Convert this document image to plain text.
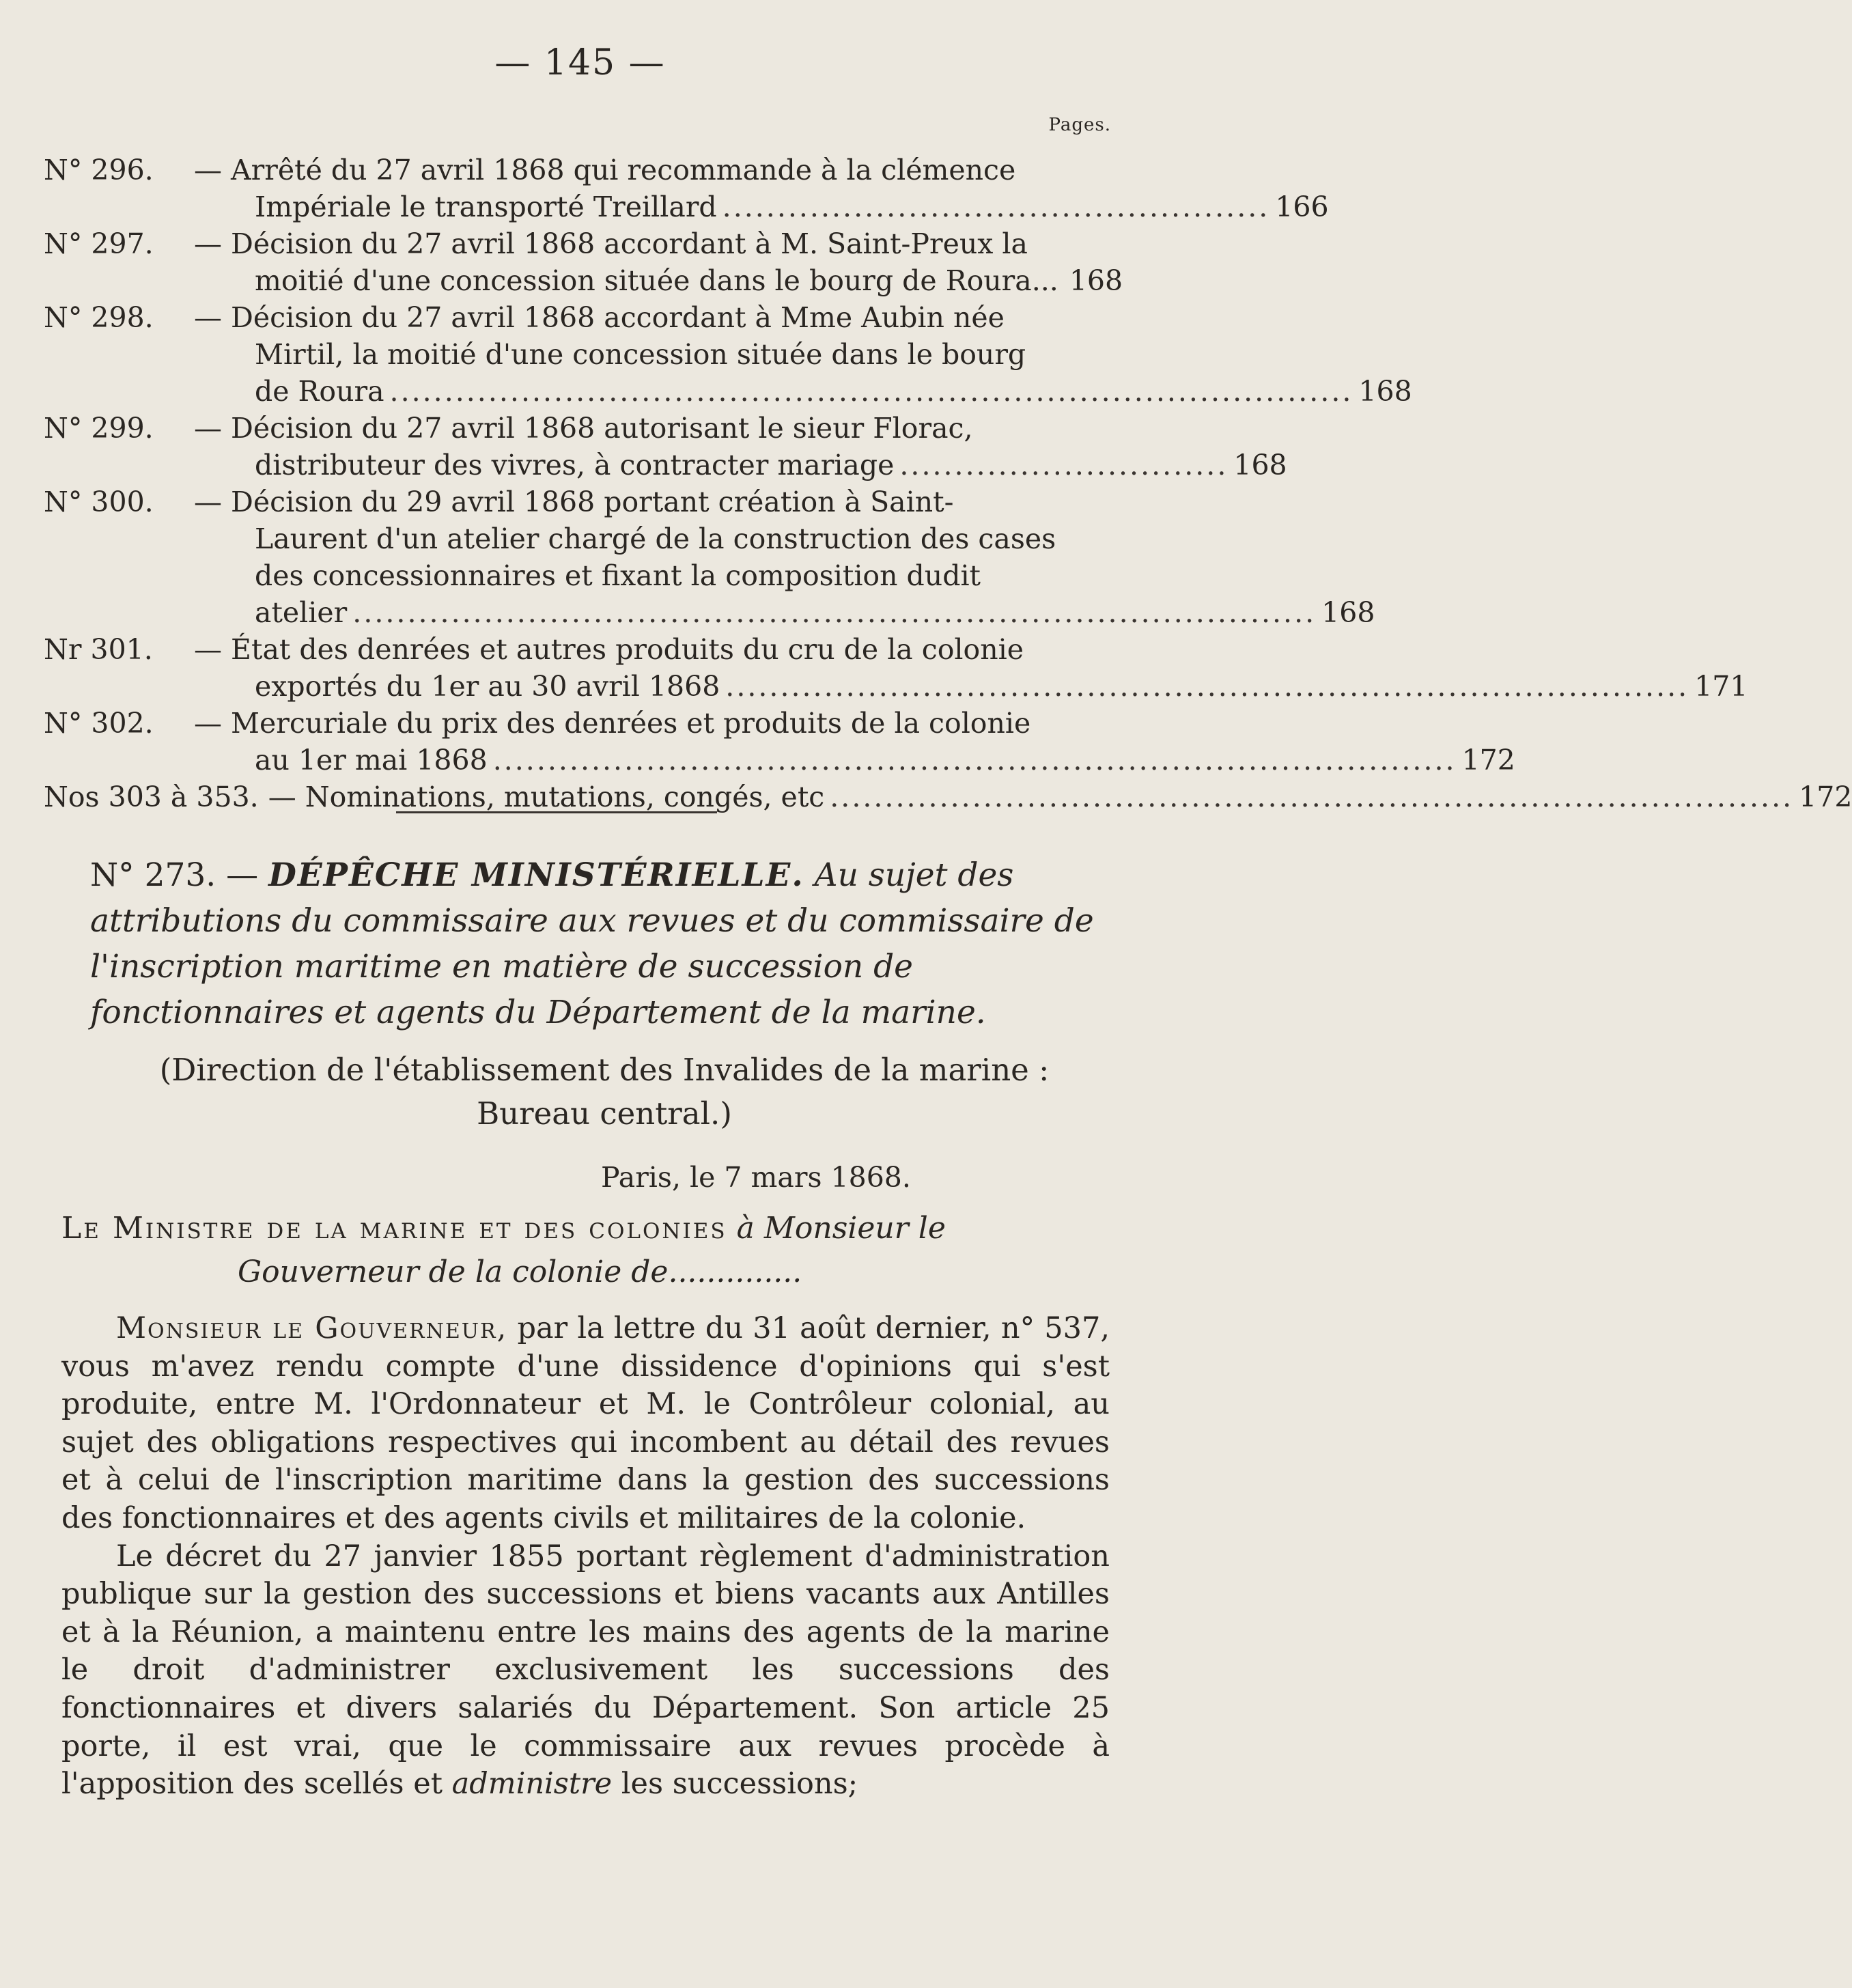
— 145 —
Pages.
N° 296.	— Arrêté du 27 avril 1868 qui recommande à la clémence
Impériale le transporté Treillard .................................................. 166
N° 297.	— Décision du 27 avril 1868 accordant à M. Saint-Preux la
moitié d'une concession située dans le bourg de Roura... 168
N° 298.	— Décision du 27 avril 1868 accordant à Mme Aubin née
Mirtil, la moitié d'une concession située dans le bourg
de Roura ........................................................................................ 168
N° 299.	— Décision du 27 avril 1868 autorisant le sieur Florac,
distributeur des vivres, à contracter mariage .............................. 168
N° 300.	— Décision du 29 avril 1868 portant création à Saint-
Laurent d'un atelier chargé de la construction des cases
des concessionnaires et fixant la composition dudit
atelier ........................................................................................ 168
Nr 301.	— État des denrées et autres produits du cru de la colonie
exportés du 1er au 30 avril 1868 ........................................................................................ 171
N° 302.	— Mercuriale du prix des denrées et produits de la colonie
au 1er mai 1868 ........................................................................................ 172
Nos 303 à 353. — Nominations, mutations, congés, etc ........................................................................................ 172
N° 273. — DÉPÊCHE MINISTÉRIELLE. Au sujet des attributions du commissaire aux revues et du commissaire de l'inscription maritime en matière de succession de fonctionnaires et agents du Département de la marine.
(Direction de l'établissement des Invalides de la marine :
Bureau central.)
Paris, le 7 mars 1868.
Le Ministre de la marine et des colonies à Monsieur le
Gouverneur de la colonie de..............

Monsieur le Gouverneur, par la lettre du 31 août dernier, n° 537, vous m'avez rendu compte d'une dissidence d'opinions qui s'est produite, entre M. l'Ordonnateur et M. le Contrôleur colonial, au sujet des obligations respectives qui incombent au détail des revues et à celui de l'inscription maritime dans la gestion des successions des fonctionnaires et des agents civils et militaires de la colonie.

Le décret du 27 janvier 1855 portant règlement d'administration publique sur la gestion des successions et biens vacants aux Antilles et à la Réunion, a maintenu entre les mains des agents de la marine le droit d'administrer exclusivement les successions des fonctionnaires et divers salariés du Département. Son article 25 porte, il est vrai, que le commissaire aux revues procède à l'apposition des scellés et administre les successions;
